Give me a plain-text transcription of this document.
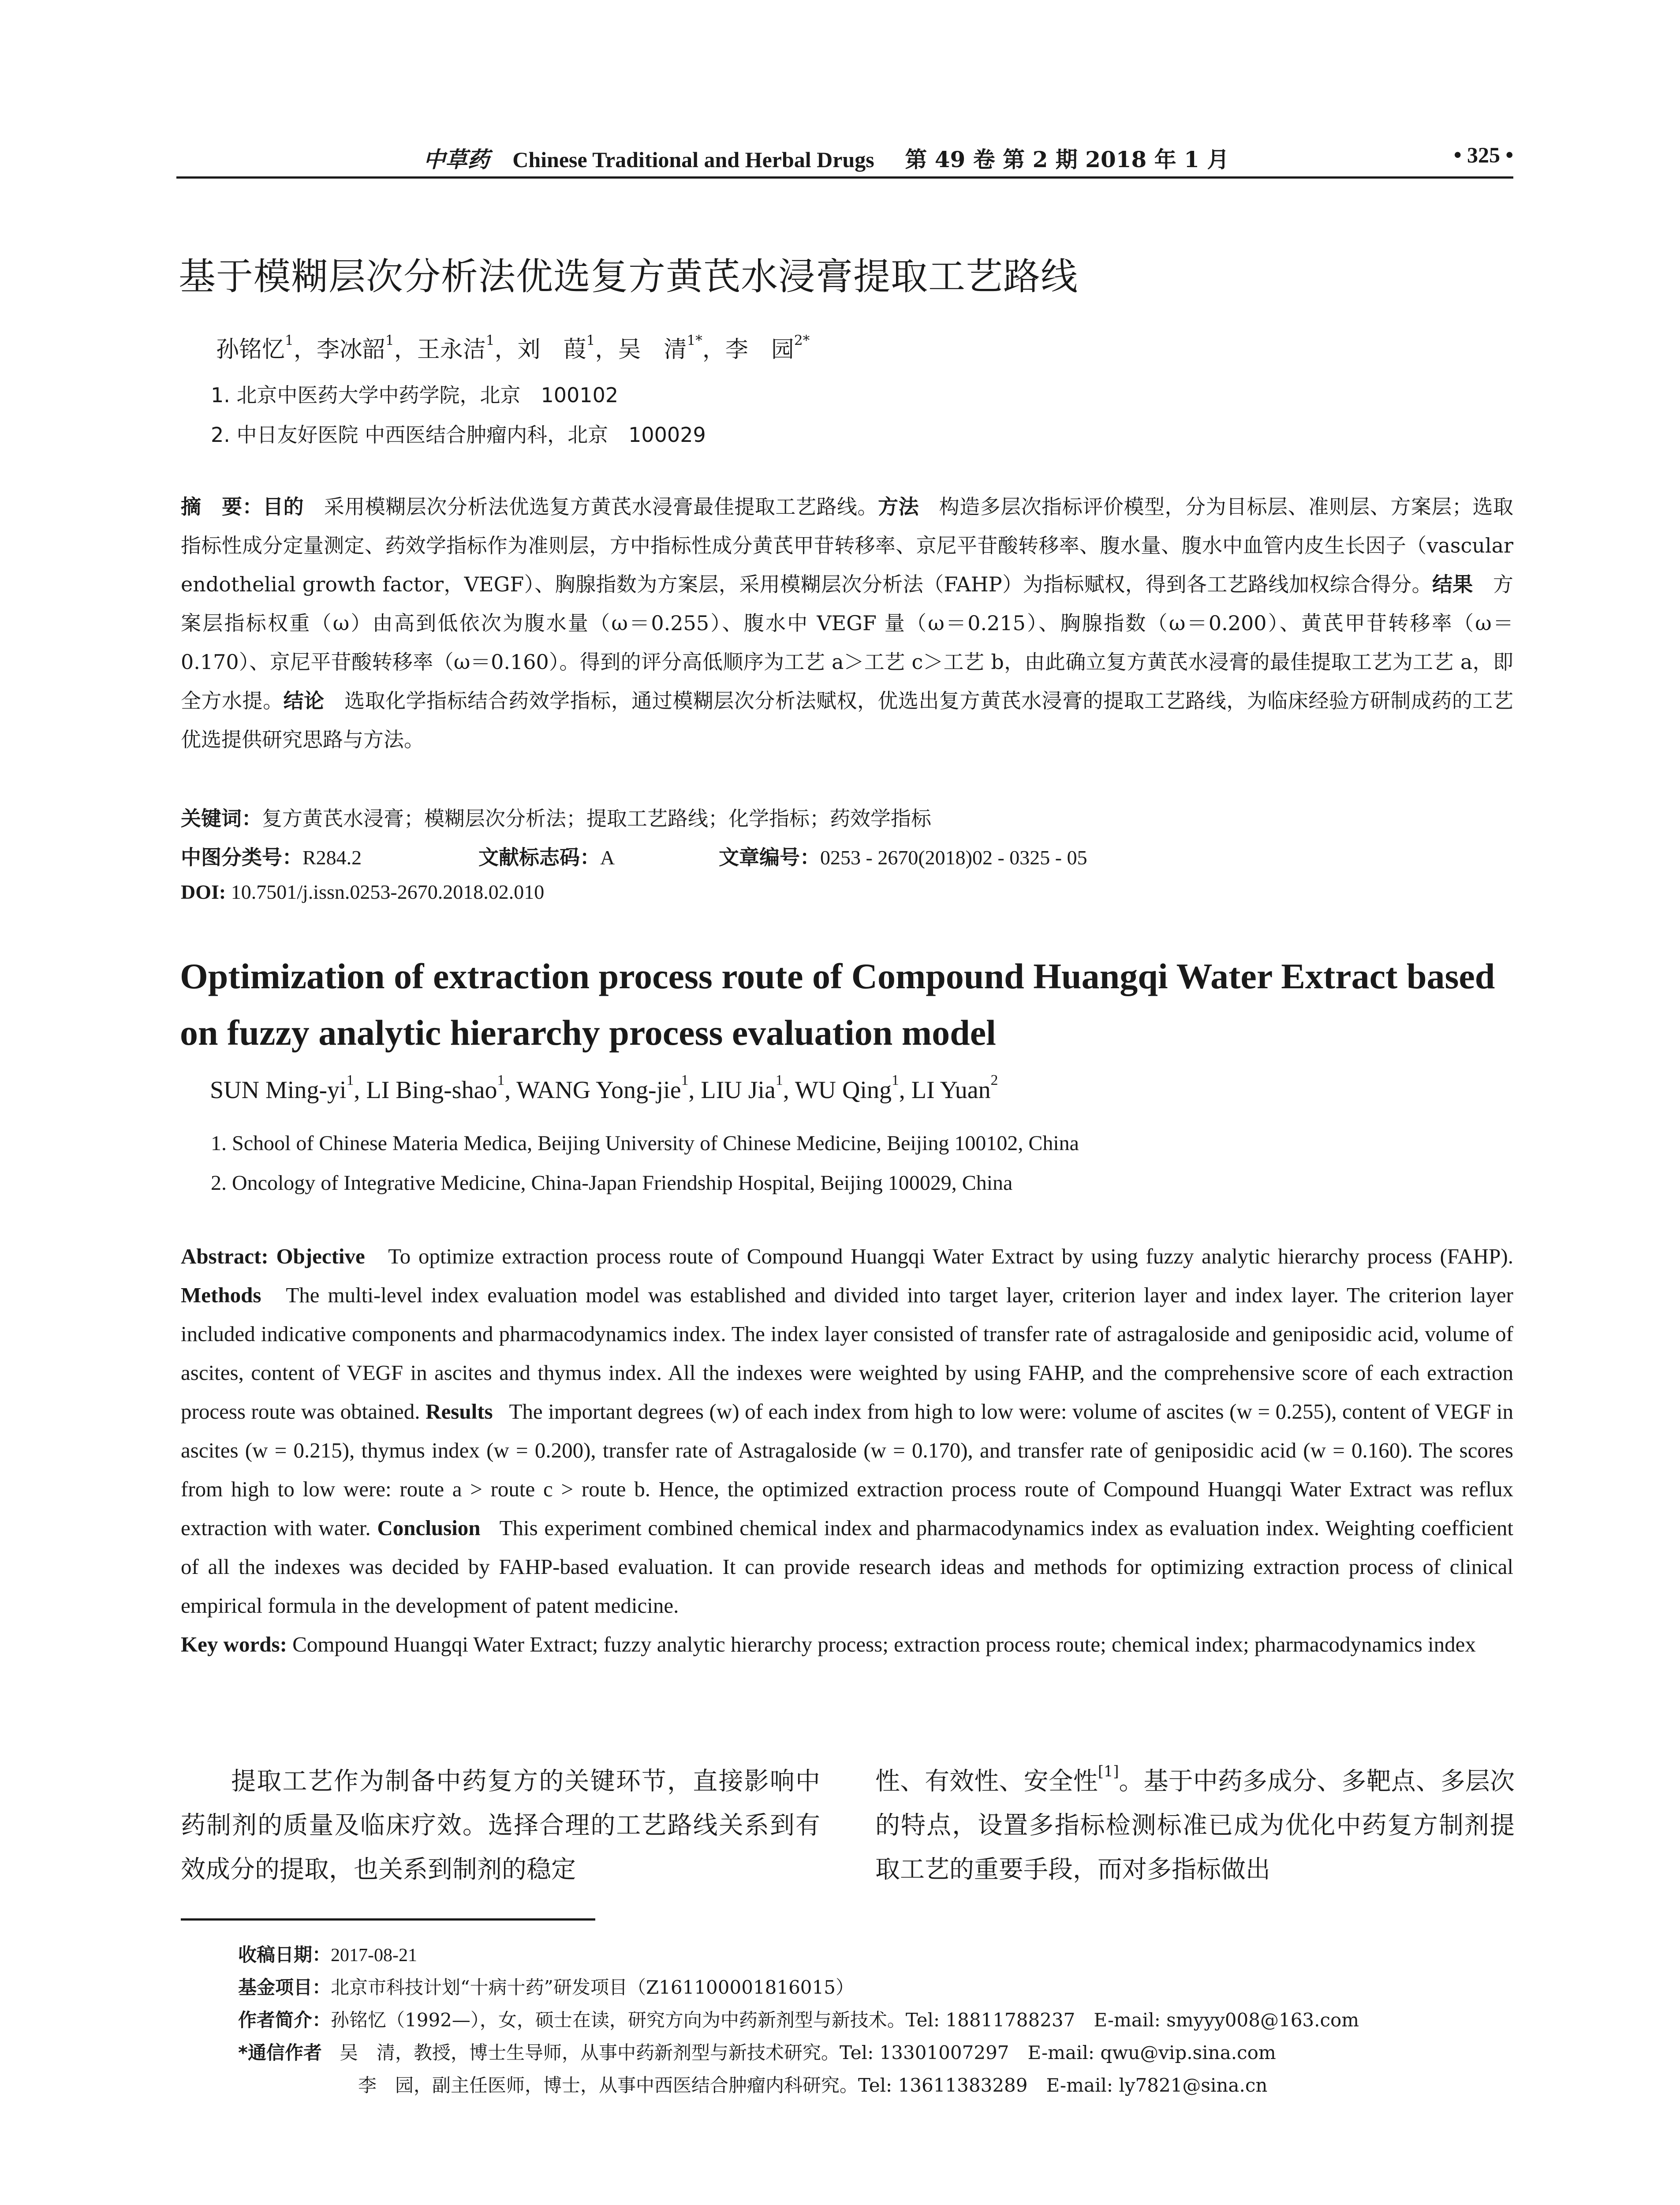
中草药 Chinese Traditional and Herbal Drugs 第 49 卷 第 2 期 2018 年 1 月	• 325 •
基于模糊层次分析法优选复方黄芪水浸膏提取工艺路线
孙铭忆$^1$，李冰韶$^1$，王永洁$^1$，刘　葭$^1$，吴　清$^{1*}$，李　园$^{2*}$
1. 北京中医药大学中药学院，北京　100102
2. 中日友好医院 中西医结合肿瘤内科，北京　100029
摘　要：目的 采用模糊层次分析法优选复方黄芪水浸膏最佳提取工艺路线。方法 构造多层次指标评价模型，分为目标层、准则层、方案层；选取指标性成分定量测定、药效学指标作为准则层，方中指标性成分黄芪甲苷转移率、京尼平苷酸转移率、腹水量、腹水中血管内皮生长因子（vascular endothelial growth factor，VEGF）、胸腺指数为方案层，采用模糊层次分析法（FAHP）为指标赋权，得到各工艺路线加权综合得分。结果 方案层指标权重（ω）由高到低依次为腹水量（ω＝0.255）、腹水中 VEGF 量（ω＝0.215）、胸腺指数（ω＝0.200）、黄芪甲苷转移率（ω＝0.170）、京尼平苷酸转移率（ω＝0.160）。得到的评分高低顺序为工艺 a＞工艺 c＞工艺 b，由此确立复方黄芪水浸膏的最佳提取工艺为工艺 a，即全方水提。结论 选取化学指标结合药效学指标，通过模糊层次分析法赋权，优选出复方黄芪水浸膏的提取工艺路线，为临床经验方研制成药的工艺优选提供研究思路与方法。
关键词：复方黄芪水浸膏；模糊层次分析法；提取工艺路线；化学指标；药效学指标
中图分类号：R284.2	文献标志码：A	文章编号：0253 - 2670(2018)02 - 0325 - 05
DOI: 10.7501/j.issn.0253-2670.2018.02.010
Optimization of extraction process route of Compound Huangqi Water Extract based on fuzzy analytic hierarchy process evaluation model
SUN Ming-$yi^1$, LI Bing-shao$^1$, WANG Yong-jie$^1$, LIU Jia$^1$, WU Qing$^1$, LI Yuan$^2$
1. School of Chinese Materia Medica, Beijing University of Chinese Medicine, Beijing 100102, China
2. Oncology of Integrative Medicine, China-Japan Friendship Hospital, Beijing 100029, China
Abstract: Objective To optimize extraction process route of Compound Huangqi Water Extract by using fuzzy analytic hierarchy process (FAHP). Methods The multi-level index evaluation model was established and divided into target layer, criterion layer and index layer. The criterion layer included indicative components and pharmacodynamics index. The index layer consisted of transfer rate of astragaloside and geniposidic acid, volume of ascites, content of VEGF in ascites and thymus index. All the indexes were weighted by using FAHP, and the comprehensive score of each extraction process route was obtained. Results The important degrees (w) of each index from high to low were: volume of ascites (w = 0.255), content of VEGF in ascites (w = 0.215), thymus index (w = 0.200), transfer rate of Astragaloside (w = 0.170), and transfer rate of geniposidic acid (w = 0.160). The scores from high to low were: route a > route c > route b. Hence, the optimized extraction process route of Compound Huangqi Water Extract was reflux extraction with water. Conclusion This experiment combined chemical index and pharmacodynamics index as evaluation index. Weighting coefficient of all the indexes was decided by FAHP-based evaluation. It can provide research ideas and methods for optimizing extraction process of clinical empirical formula in the development of patent medicine.
Key words: Compound Huangqi Water Extract; fuzzy analytic hierarchy process; extraction process route; chemical index; pharmacodynamics index
提取工艺作为制备中药复方的关键环节，直接影响中药制剂的质量及临床疗效。选择合理的工艺路线关系到有效成分的提取，也关系到制剂的稳定
性、有效性、安全性[1]。基于中药多成分、多靶点、多层次的特点，设置多指标检测标准已成为优化中药复方制剂提取工艺的重要手段，而对多指标做出
收稿日期：2017-08-21
基金项目：北京市科技计划“十病十药”研发项目（Z161100001816015）
作者简介：孙铭忆（1992—），女，硕士在读，研究方向为中药新剂型与新技术。Tel: 18811788237　E-mail: smyyy008@163.com
*通信作者 吴　清，教授，博士生导师，从事中药新剂型与新技术研究。Tel: 13301007297　E-mail: qwu@vip.sina.com
李　园，副主任医师，博士，从事中西医结合肿瘤内科研究。Tel: 13611383289　E-mail: ly7821@sina.cn
